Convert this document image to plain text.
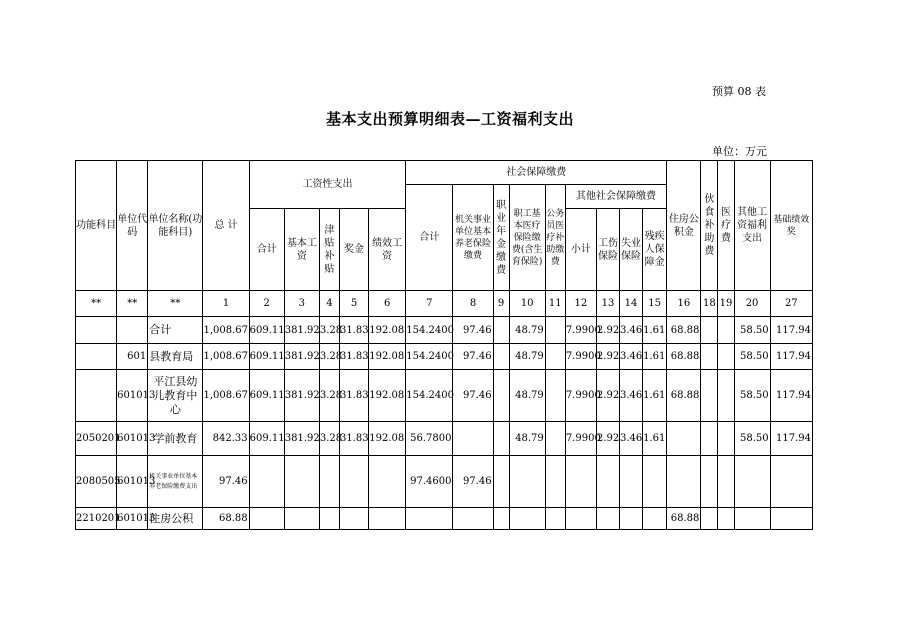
预算 08 表
基本支出预算明细表—工资福利支出
单位：万元
功能科目	单位代码	单位名称(功能科目)	总 计	工资性支出					社会保障缴费									住房公积金	伙食补助费	医疗费	其他工资福利支出	基础绩效奖
									合计	机关事业单位基本养老保险缴费	职业年金缴费	职工基本医疗保险缴费(含生育保险)	公务员医疗补助缴费	其他社会保障缴费								
				合计	基本工资	津贴补贴	奖金	绩效工资						小计	工伤保险	失业保险	残疾人保障金					

**	**	**	1	2	3	4	5	6	7	8	9	10	11	12	13	14	15	16	18	19	20	27
		合计	1,008.67	609.11	381.92	3.28	31.83	192.08	154.2400	97.46		48.79		7.9900	2.92	3.46	1.61	68.88			58.50	117.94
	601	县教育局	1,008.67	609.11	381.92	3.28	31.83	192.08	154.2400	97.46		48.79		7.9900	2.92	3.46	1.61	68.88			58.50	117.94
	601013	平江县幼儿教育中心	1,008.67	609.11	381.92	3.28	31.83	192.08	154.2400	97.46		48.79		7.9900	2.92	3.46	1.61	68.88			58.50	117.94
2050201	601013	学前教育	842.33	609.11	381.92	3.28	31.83	192.08	56.7800			48.79		7.9900	2.92	3.46	1.61				58.50	117.94
2080505	601013	机关事业单位基本养老保险缴费支出	97.46						97.4600	97.46												
2210201	601013	住房公积	68.88															68.88				
